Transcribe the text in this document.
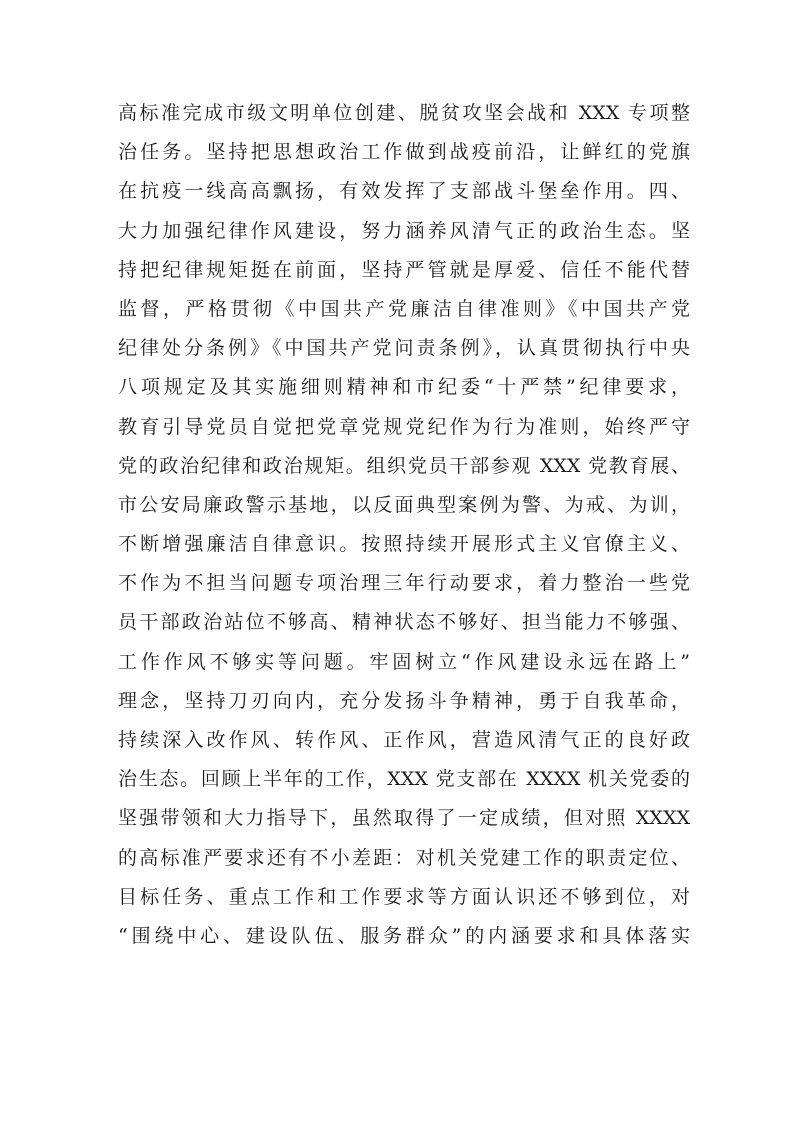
高标准完成市级文明单位创建、脱贫攻坚会战和 XXX 专项整
治任务。坚持把思想政治工作做到战疫前沿，让鲜红的党旗
在抗疫一线高高飘扬，有效发挥了支部战斗堡垒作用。四、
大力加强纪律作风建设，努力涵养风清气正的政治生态。坚
持把纪律规矩挺在前面，坚持严管就是厚爱、信任不能代替
监督，严格贯彻《中国共产党廉洁自律准则》《中国共产党
纪律处分条例》《中国共产党问责条例》，认真贯彻执行中央
八项规定及其实施细则精神和市纪委“十严禁”纪律要求，
教育引导党员自觉把党章党规党纪作为行为准则，始终严守
党的政治纪律和政治规矩。组织党员干部参观 XXX 党教育展、
市公安局廉政警示基地，以反面典型案例为警、为戒、为训，
不断增强廉洁自律意识。按照持续开展形式主义官僚主义、
不作为不担当问题专项治理三年行动要求，着力整治一些党
员干部政治站位不够高、精神状态不够好、担当能力不够强、
工作作风不够实等问题。牢固树立“作风建设永远在路上”
理念，坚持刀刃向内，充分发扬斗争精神，勇于自我革命，
持续深入改作风、转作风、正作风，营造风清气正的良好政
治生态。回顾上半年的工作，XXX 党支部在 XXXX 机关党委的
坚强带领和大力指导下，虽然取得了一定成绩，但对照 XXXX
的高标准严要求还有不小差距：对机关党建工作的职责定位、
目标任务、重点工作和工作要求等方面认识还不够到位，对
“围绕中心、建设队伍、服务群众”的内涵要求和具体落实
